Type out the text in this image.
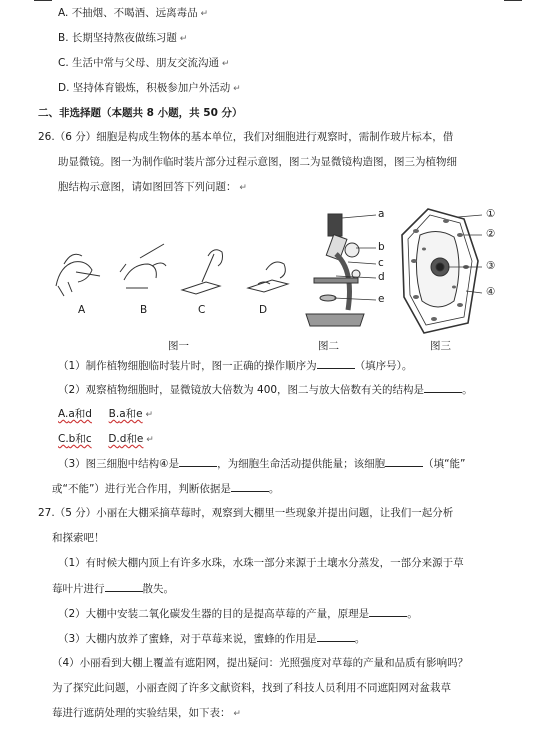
A. 不抽烟、不喝酒、远离毒品 ↵
B. 长期坚持熬夜做练习题 ↵
C. 生活中常与父母、朋友交流沟通 ↵
D. 坚持体育锻炼，积极参加户外活动 ↵
二、非选择题（本题共 8 小题，共 50 分）
26.（6 分）细胞是构成生物体的基本单位，我们对细胞进行观察时，需制作玻片标本，借
助显微镜。图一为制作临时装片部分过程示意图，图二为显微镜构造图，图三为植物细
胞结构示意图，请如图回答下列问题： ↵
A	B	C	D
a
b
c
d
e
①
②
③
④
图一	图二	图三
（1）制作植物细胞临时装片时，图一正确的操作顺序为	（填序号）。
（2）观察植物细胞时，显微镜放大倍数为 400，图二与放大倍数有关的结构是	。
A.a和d B.a和e ↵
C.b和c D.d和e ↵
（3）图三细胞中结构④是	，为细胞生命活动提供能量；该细胞	（填“能”
或“不能”）进行光合作用，判断依据是	。
27.（5 分）小丽在大棚采摘草莓时，观察到大棚里一些现象并提出问题，让我们一起分析
和探索吧！
（1）有时候大棚内顶上有许多水珠，水珠一部分来源于土壤水分蒸发，一部分来源于草
莓叶片进行	散失。
（2）大棚中安装二氧化碳发生器的目的是提高草莓的产量，原理是	。
（3）大棚内放养了蜜蜂，对于草莓来说，蜜蜂的作用是	。
（4）小丽看到大棚上覆盖有遮阳网，提出疑问：光照强度对草莓的产量和品质有影响吗？
为了探究此问题，小丽查阅了许多文献资料，找到了科技人员利用不同遮阳网对盆栽草
莓进行遮荫处理的实验结果，如下表： ↵
